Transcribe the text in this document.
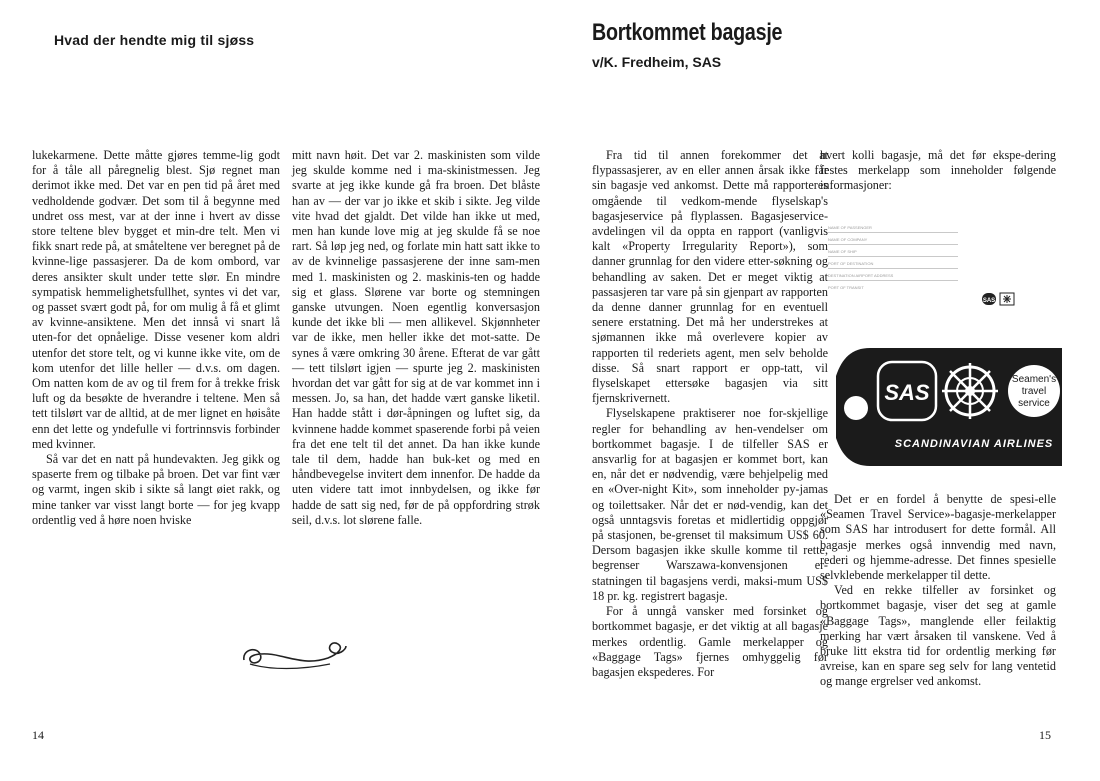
Hvad der hendte mig til sjøss

lukekarmene. Dette måtte gjøres temme-lig godt for å tåle all påregnelig blest. Sjø regnet man derimot ikke med. Det var en pen tid på året med vedholdende godvær. Det som til å begynne med undret oss mest, var at der inne i hvert av disse store teltene blev bygget et min-dre telt. Men vi fikk snart rede på, at småteltene ver beregnet på de kvinne-lige passasjerer. Da de kom ombord, var deres ansikter skult under tette slør. En mindre sympatisk hemmelighetsfullhet, syntes vi det var, og passet svært godt på, for om mulig å få et glimt av kvinne-ansiktene. Men det innså vi snart lå uten-for det opnåelige. Disse vesener kom aldri utenfor det store telt, og vi kunne ikke vite, om de kom utenfor det lille heller — d.v.s. om dagen. Om natten kom de av og til frem for å trekke frisk luft og da besøkte de hverandre i teltene. Men så tett tilslørt var de alltid, at de mer lignet en høisåte enn det lette og yndefulle vi fortrinnsvis forbinder med kvinner.

Så var det en natt på hundevakten. Jeg gikk og spaserte frem og tilbake på broen. Det var fint vær og varmt, ingen skib i sikte så langt øiet rakk, og mine tanker var visst langt borte — for jeg kvapp ordentlig ved å høre noen hviske

mitt navn høit. Det var 2. maskinisten som vilde jeg skulde komme ned i ma-skinistmessen. Jeg svarte at jeg ikke kunde gå fra broen. Det blåste han av — der var jo ikke et skib i sikte. Jeg vilde vite hvad det gjaldt. Det vilde han ikke ut med, men han kunde love mig at jeg skulde få se noe rart. Så løp jeg ned, og forlate min hatt satt ikke to av de kvinnelige passasjerene der inne sam-men med 1. maskinisten og 2. maskinis-ten og hadde sig et glass. Slørene var borte og stemningen ganske utvungen. Noen egentlig konversasjon kunde det ikke bli — men allikevel. Skjønnheter var de ikke, men heller ikke det mot-satte. De synes å være omkring 30 årene. Efterat de var gått — tett tilslørt igjen — spurte jeg 2. maskinisten hvordan det var gått for sig at de var kommet inn i messen. Jo, sa han, det hadde vært ganske liketil. Han hadde stått i dør-åpningen og luftet sig, da kvinnene hadde kommet spaserende forbi på veien fra det ene telt til det annet. Da han ikke kunde tale til dem, hadde han buk-ket og med en håndbevegelse invitert dem innenfor. De hadde da uten videre tatt imot innbydelsen, og ikke før hadde de satt sig ned, før de på oppfordring strøk seil, d.v.s. lot slørene falle.

14
Bortkommet bagasje
v/K. Fredheim, SAS

Fra tid til annen forekommer det at flypassasjerer, av en eller annen årsak ikke får sin bagasje ved ankomst. Dette må rapporteres omgående til vedkom-mende flyselskap's bagasjeservice på flyplassen. Bagasjeservice-avdelingen vil da oppta en rapport (vanligvis kalt «Property Irregularity Report»), som danner grunnlag for den videre etter-søkning og behandling av saken. Det er meget viktig at passasjeren tar vare på sin gjenpart av rapporten da denne danner grunnlag for en eventuell senere erstatning. Det må her understrekes at sjømannen ikke må overlevere kopier av rapporten til rederiets agent, men selv beholde disse. Så snart rapport er opp-tatt, vil flyselskapet ettersøke bagasjen via sitt fjernskrivernett.

Flyselskapene praktiserer noe for-skjellige regler for behandling av hen-vendelser om bortkommet bagasje. I de tilfeller SAS er ansvarlig for at bagasjen er kommet bort, kan en, når det er nødvendig, være behjelpelig med en «Over-night Kit», som inneholder py-jamas og toilettsaker. Når det er nød-vendig, kan det også unntagsvis foretas et midlertidig oppgjør på stasjonen, be-grenset til maksimum US$ 60. Dersom bagasjen ikke skulle komme til rette, begrenser Warszawa-konvensjonen er-statningen til bagasjens verdi, maksi-mum US$ 18 pr. kg. registrert bagasje.

For å unngå vansker med forsinket og bortkommet bagasje, er det viktig at all bagasje merkes ordentlig. Gamle merkelapper og «Baggage Tags» fjernes omhyggelig før bagasjen ekspederes. For

hvert kolli bagasje, må det før ekspe-dering festes merkelapp som inneholder følgende informasjoner:

NAME OF PASSENGER
NAME OF COMPANY
NAME OF SHIP
PORT OF DESTINATION
DESTINATION AIRPORT ADDRESS
PORT OF TRANSIT
SAS
SAS
Seamen's
travel
service
SCANDINAVIAN AIRLINES

Det er en fordel å benytte de spesi-elle «Seamen Travel Service»-bagasje-merkelapper som SAS har introdusert for dette formål. All bagasje merkes også innvendig med navn, rederi og hjemme-adresse. Det finnes spesielle selvklebende merkelapper til dette.

Ved en rekke tilfeller av forsinket og bortkommet bagasje, viser det seg at gamle «Baggage Tags», manglende eller feilaktig merking har vært årsaken til vanskene. Ved å bruke litt ekstra tid for ordentlig merking før avreise, kan en spare seg selv for lang ventetid og mange ergrelser ved ankomst.

15
